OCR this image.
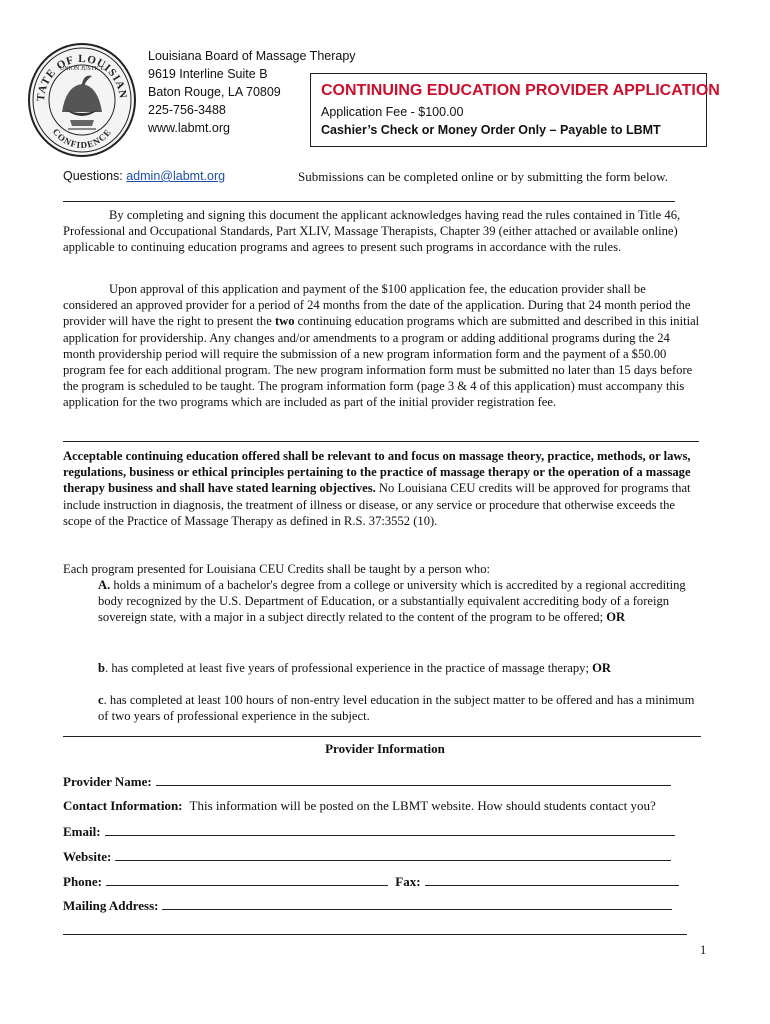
TATE OF LOUISIAN
CONFIDENCE
UNION JUSTICE
Louisiana Board of Massage Therapy
9619 Interline Suite B
Baton Rouge, LA 70809
225-756-3488
www.labmt.org
CONTINUING EDUCATION PROVIDER APPLICATION
Application Fee - $100.00
Cashier’s Check or Money Order Only – Payable to LBMT
Questions: admin@labmt.org	Submissions can be completed online or by submitting the form below.
By completing and signing this document the applicant acknowledges having read the rules contained in Title 46, Professional and Occupational Standards, Part XLIV, Massage Therapists, Chapter 39 (either attached or available online) applicable to continuing education programs and agrees to present such programs in accordance with the rules.
Upon approval of this application and payment of the $100 application fee, the education provider shall be considered an approved provider for a period of 24 months from the date of the application. During that 24 month period the provider will have the right to present the two continuing education programs which are submitted and described in this initial application for providership. Any changes and/or amendments to a program or adding additional programs during the 24 month providership period will require the submission of a new program information form and the payment of a $50.00 program fee for each additional program. The new program information form must be submitted no later than 15 days before the program is scheduled to be taught. The program information form (page 3 & 4 of this application) must accompany this application for the two programs which are included as part of the initial provider registration fee.
Acceptable continuing education offered shall be relevant to and focus on massage theory, practice, methods, or laws, regulations, business or ethical principles pertaining to the practice of massage therapy or the operation of a massage therapy business and shall have stated learning objectives. No Louisiana CEU credits will be approved for programs that include instruction in diagnosis, the treatment of illness or disease, or any service or procedure that otherwise exceeds the scope of the Practice of Massage Therapy as defined in R.S. 37:3552 (10).
Each program presented for Louisiana CEU Credits shall be taught by a person who:
A. holds a minimum of a bachelor's degree from a college or university which is accredited by a regional accrediting body recognized by the U.S. Department of Education, or a substantially equivalent accrediting body of a foreign sovereign state, with a major in a subject directly related to the content of the program to be offered; OR
b. has completed at least five years of professional experience in the practice of massage therapy; OR
c. has completed at least 100 hours of non-entry level education in the subject matter to be offered and has a minimum of two years of professional experience in the subject.
Provider Information
Provider Name:
Contact Information: This information will be posted on the LBMT website. How should students contact you?
Email:
Website:
Phone:	Fax:
Mailing Address:
1
